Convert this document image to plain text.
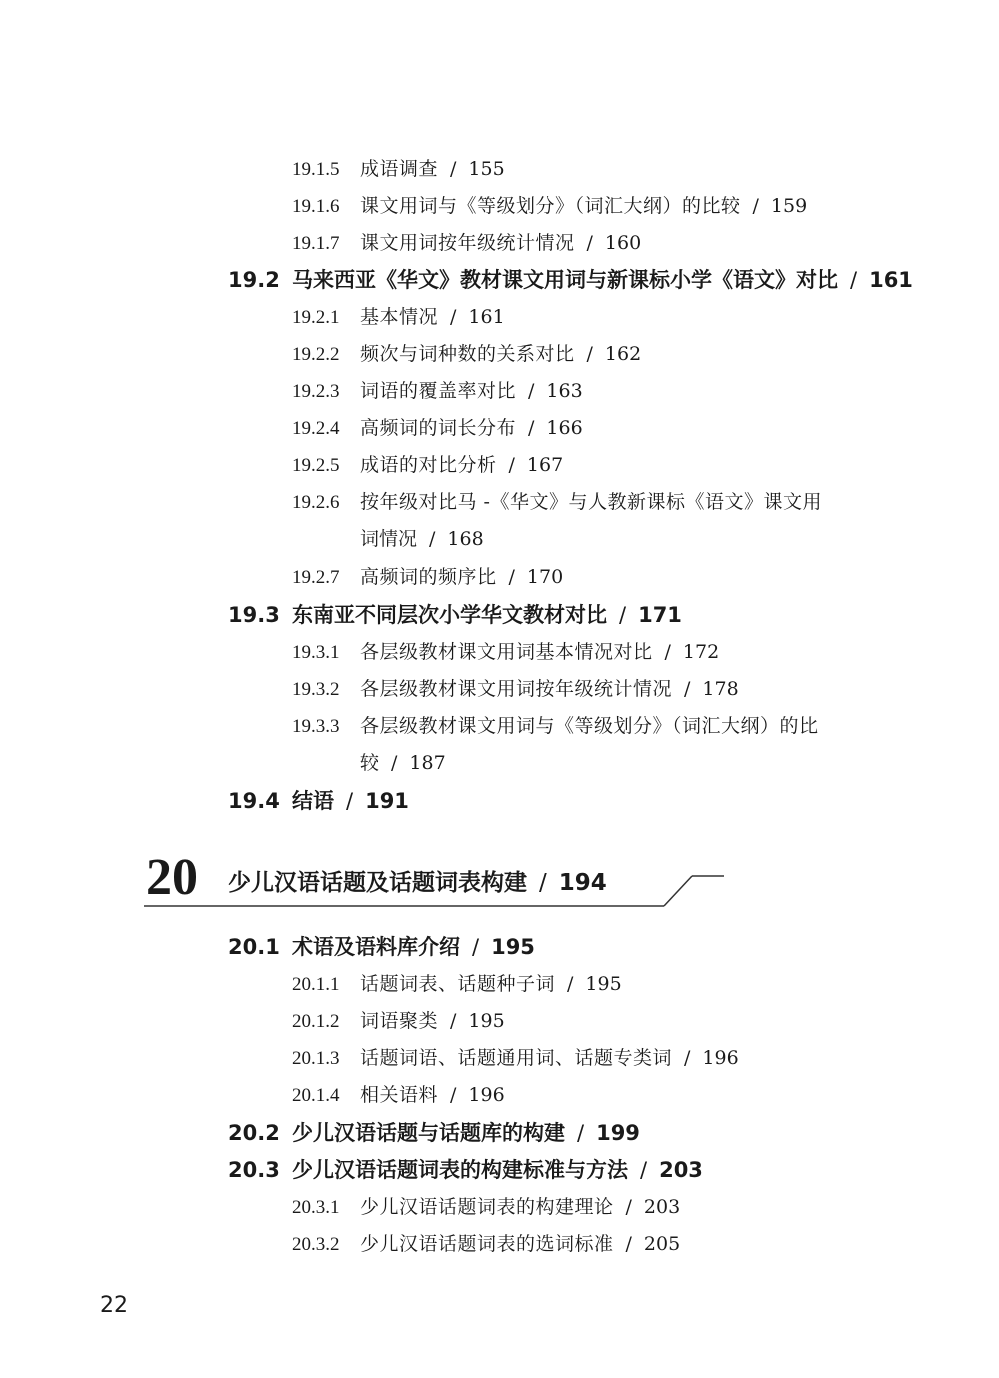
19.1.5 成语调查 / 155
19.1.6 课文用词与《等级划分》（词汇大纲）的比较 / 159
19.1.7 课文用词按年级统计情况 / 160
19.2 马来西亚《华文》教材课文用词与新课标小学《语文》对比 / 161
19.2.1 基本情况 / 161
19.2.2 频次与词种数的关系对比 / 162
19.2.3 词语的覆盖率对比 / 163
19.2.4 高频词的词长分布 / 166
19.2.5 成语的对比分析 / 167
19.2.6 按年级对比马 -《华文》与人教新课标《语文》课文用
词情况 / 168
19.2.7 高频词的频序比 / 170
19.3 东南亚不同层次小学华文教材对比 / 171
19.3.1 各层级教材课文用词基本情况对比 / 172
19.3.2 各层级教材课文用词按年级统计情况 / 178
19.3.3 各层级教材课文用词与《等级划分》（词汇大纲）的比
较 / 187
19.4 结语 / 191
20 少儿汉语话题及话题词表构建 / 194
20.1 术语及语料库介绍 / 195
20.1.1 话题词表、话题种子词 / 195
20.1.2 词语聚类 / 195
20.1.3 话题词语、话题通用词、话题专类词 / 196
20.1.4 相关语料 / 196
20.2 少儿汉语话题与话题库的构建 / 199
20.3 少儿汉语话题词表的构建标准与方法 / 203
20.3.1 少儿汉语话题词表的构建理论 / 203
20.3.2 少儿汉语话题词表的选词标准 / 205
22
